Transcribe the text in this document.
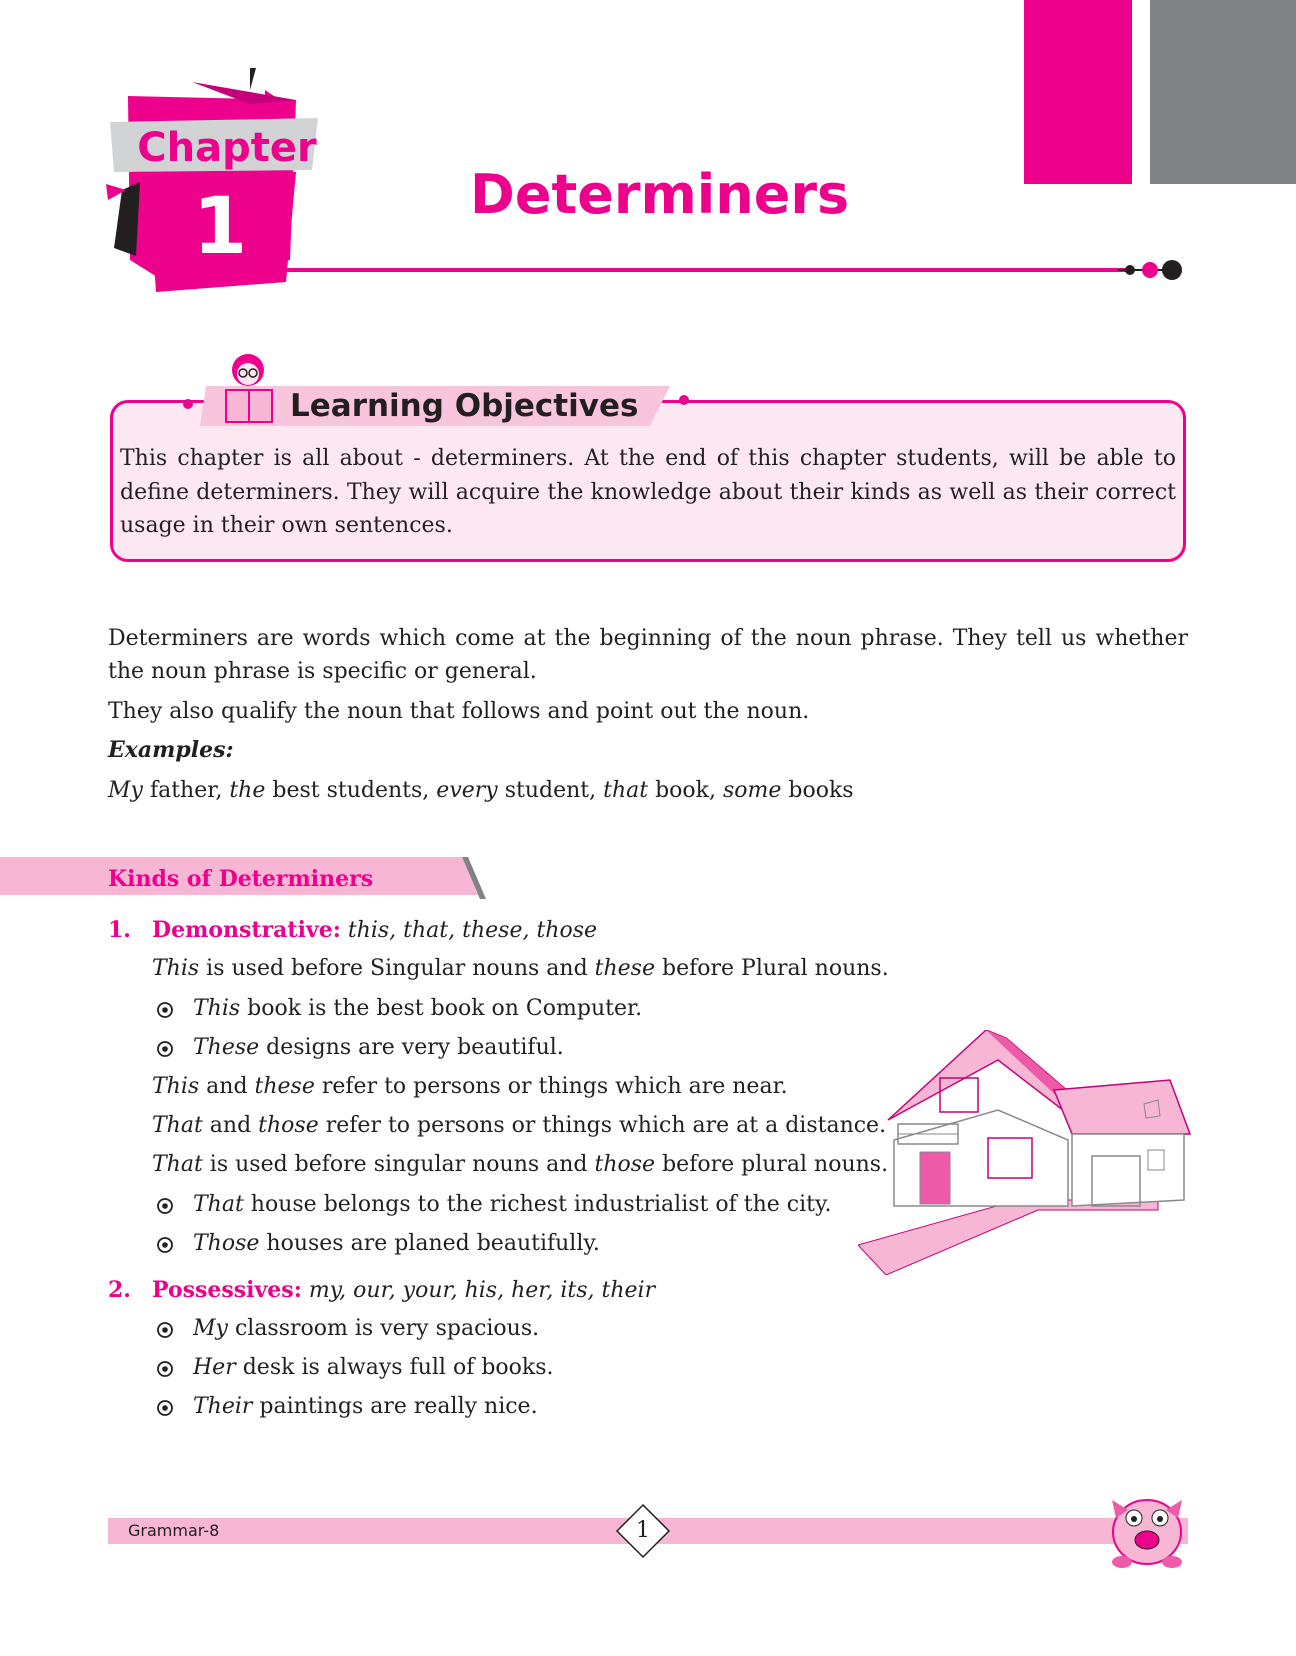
Chapter
1	Determiners
Learning Objectives

This chapter is all about - determiners. At the end of this chapter students, will be able to define determiners. They will acquire the knowledge about their kinds as well as their correct usage in their own sentences.

Determiners are words which come at the beginning of the noun phrase. They tell us whether the noun phrase is specific or general.

They also qualify the noun that follows and point out the noun.

Examples:
My father, the best students, every student, that book, some books
Kinds of Determiners
1. Demonstrative: this, that, these, those
This is used before Singular nouns and these before Plural nouns.
This book is the best book on Computer.
These designs are very beautiful.
This and these refer to persons or things which are near.
That and those refer to persons or things which are at a distance.
That is used before singular nouns and those before plural nouns.
That house belongs to the richest industrialist of the city.
Those houses are planed beautifully.
2. Possessives: my, our, your, his, her, its, their
My classroom is very spacious.
Her desk is always full of books.
Their paintings are really nice.
Grammar-8	1
